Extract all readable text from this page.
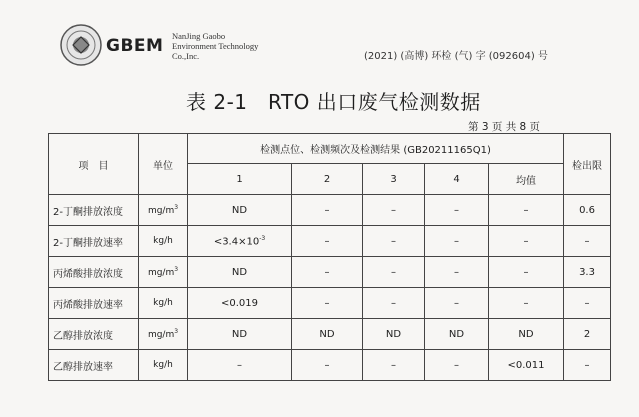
GBEM NanJing Gaobo
Environment Technology
Co.,Inc.	(2021) (高博) 环检 (气) 字 (092604) 号
表 2-1　RTO 出口废气检测数据
第 3 页 共 8 页
项　目	单位	检测点位、检测频次及检测结果 (GB20211165Q1)					检出限
		1	2	3	4	均值	
2-丁酮排放浓度	$mg/m^3$	ND	–	–	–	–	0.6
2-丁酮排放速率	kg/h	$<3.4\times 10^{-3}$	–	–	–	–	–
丙烯酸排放浓度	$mg/m^3$	ND	–	–	–	–	3.3
丙烯酸排放速率	kg/h	<0.019	–	–	–	–	–
乙醇排放浓度	$mg/m^3$	ND	ND	ND	ND	ND	2
乙醇排放速率	kg/h	–	–	–	–	<0.011	–
